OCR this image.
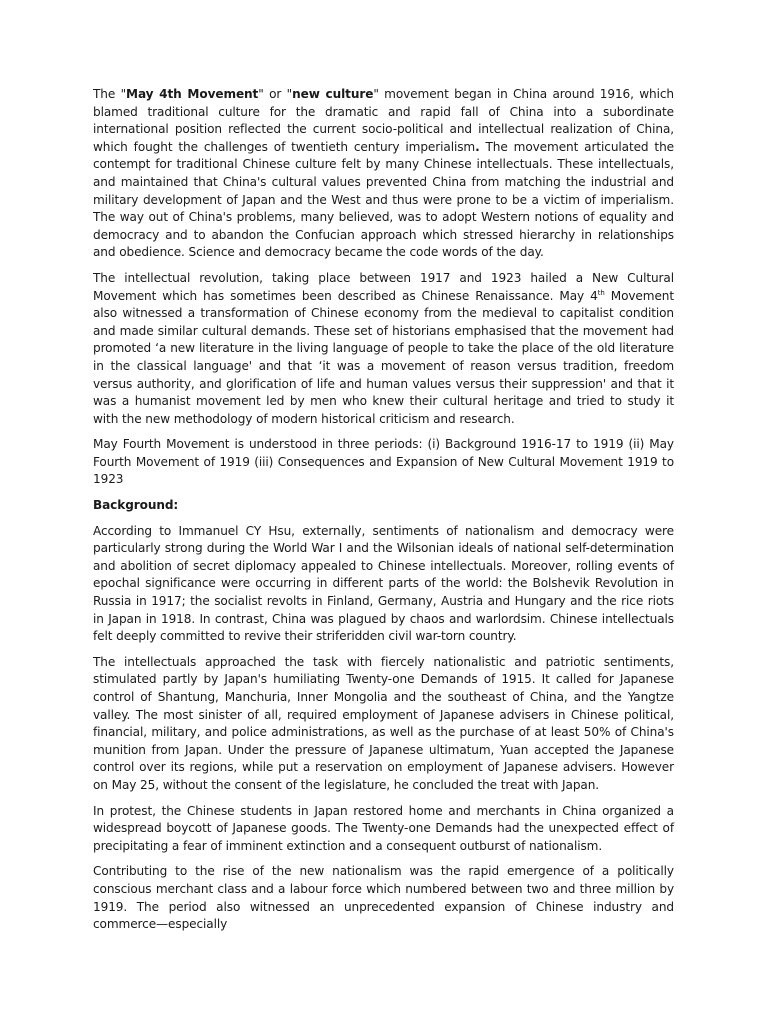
The "May 4th Movement" or "new culture" movement began in China around 1916, which blamed traditional culture for the dramatic and rapid fall of China into a subordinate international position reflected the current socio-political and intellectual realization of China, which fought the challenges of twentieth century imperialism. The movement articulated the contempt for traditional Chinese culture felt by many Chinese intellectuals. These intellectuals, and maintained that China's cultural values prevented China from matching the industrial and military development of Japan and the West and thus were prone to be a victim of imperialism. The way out of China's problems, many believed, was to adopt Western notions of equality and democracy and to abandon the Confucian approach which stressed hierarchy in relationships and obedience. Science and democracy became the code words of the day.

The intellectual revolution, taking place between 1917 and 1923 hailed a New Cultural Movement which has sometimes been described as Chinese Renaissance. May 4th Movement also witnessed a transformation of Chinese economy from the medieval to capitalist condition and made similar cultural demands. These set of historians emphasised that the movement had promoted ‘a new literature in the living language of people to take the place of the old literature in the classical language' and that ‘it was a movement of reason versus tradition, freedom versus authority, and glorification of life and human values versus their suppression' and that it was a humanist movement led by men who knew their cultural heritage and tried to study it with the new methodology of modern historical criticism and research.

May Fourth Movement is understood in three periods: (i) Background 1916-17 to 1919 (ii) May Fourth Movement of 1919 (iii) Consequences and Expansion of New Cultural Movement 1919 to 1923

Background:

According to Immanuel CY Hsu, externally, sentiments of nationalism and democracy were particularly strong during the World War I and the Wilsonian ideals of national self-determination and abolition of secret diplomacy appealed to Chinese intellectuals. Moreover, rolling events of epochal significance were occurring in different parts of the world: the Bolshevik Revolution in Russia in 1917; the socialist revolts in Finland, Germany, Austria and Hungary and the rice riots in Japan in 1918. In contrast, China was plagued by chaos and warlordsim. Chinese intellectuals felt deeply committed to revive their striferidden civil war-torn country.

The intellectuals approached the task with fiercely nationalistic and patriotic sentiments, stimulated partly by Japan's humiliating Twenty-one Demands of 1915. It called for Japanese control of Shantung, Manchuria, Inner Mongolia and the southeast of China, and the Yangtze valley. The most sinister of all, required employment of Japanese advisers in Chinese political, financial, military, and police administrations, as well as the purchase of at least 50% of China's munition from Japan. Under the pressure of Japanese ultimatum, Yuan accepted the Japanese control over its regions, while put a reservation on employment of Japanese advisers. However on May 25, without the consent of the legislature, he concluded the treat with Japan.

In protest, the Chinese students in Japan restored home and merchants in China organized a widespread boycott of Japanese goods. The Twenty-one Demands had the unexpected effect of precipitating a fear of imminent extinction and a consequent outburst of nationalism.

Contributing to the rise of the new nationalism was the rapid emergence of a politically conscious merchant class and a labour force which numbered between two and three million by 1919. The period also witnessed an unprecedented expansion of Chinese industry and commerce—especially
